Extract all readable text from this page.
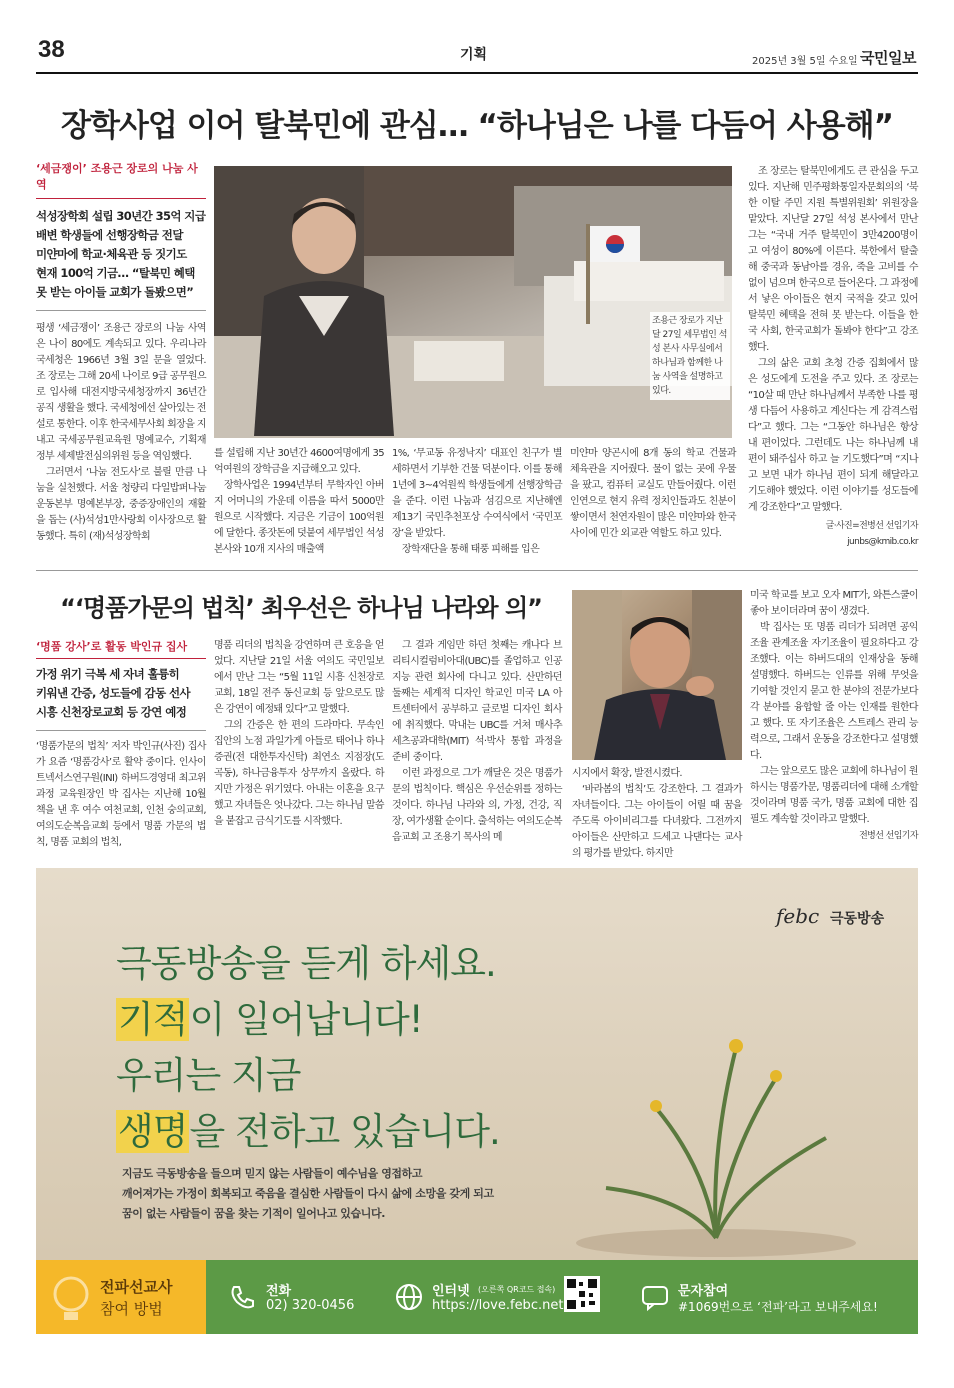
38	기획	2025년 3월 5일 수요일 국민일보
장학사업 이어 탈북민에 관심… “하나님은 나를 다듬어 사용해”
‘세금쟁이’ 조용근 장로의 나눔 사역
석성장학회 설립 30년간 35억 지급
배변 학생들에 선행장학금 전달
미얀마에 학교·체육관 등 짓기도
현재 100억 기금… “탈북민 혜택
못 받는 아이들 교회가 돌봤으면”

평생 ‘세금쟁이’ 조용근 장로의 나눔 사역은 나이 80에도 계속되고 있다. 우리나라 국세청은 1966년 3월 3일 문을 열었다. 조 장로는 그해 20세 나이로 9급 공무원으로 입사해 대전지방국세청장까지 36년간 공직 생활을 했다. 국세청에선 살아있는 전설로 통한다. 이후 한국세무사회 회장을 지내고 국세공무원교육원 명예교수, 기획재정부 세제발전심의위원 등을 역임했다.

그러면서 ‘나눔 전도사’로 불릴 만큼 나눔을 실천했다. 서울 청량리 다일밥퍼나눔운동본부 명예본부장, 중증장애인의 재활을 돕는 (사)석성1만사랑회 이사장으로 활동했다. 특히 (재)석성장학회

조용근 장로가 지난달 27일 세무법인 석성 본사 사무실에서 하나님과 함께한 나눔 사역을 설명하고 있다.

를 설립해 지난 30년간 4600여명에게 35억여원의 장학금을 지급해오고 있다.

장학사업은 1994년부터 무학자인 아버지 어머니의 가운데 이름을 따서 5000만원으로 시작했다. 지금은 기금이 100억원에 달한다. 종잣돈에 덧붙여 세무법인 석성 본사와 10개 지사의 매출액

1%, ‘무교동 유정낙지’ 대표인 친구가 별세하면서 기부한 건물 덕분이다. 이를 통해 1년에 3~4억원씩 학생들에게 선행장학금을 준다. 이런 나눔과 섬김으로 지난해엔 제13기 국민추천포상 수여식에서 ‘국민포장’을 받았다.

장학재단을 통해 태풍 피해를 입은

미얀마 양곤시에 8개 동의 학교 건물과 체육관을 지어줬다. 물이 없는 곳에 우물을 팠고, 컴퓨터 교실도 만들어줬다. 이런 인연으로 현지 유력 정치인들과도 친분이 쌓이면서 천연자원이 많은 미얀마와 한국 사이에 민간 외교관 역할도 하고 있다.

조 장로는 탈북민에게도 큰 관심을 두고 있다. 지난해 민주평화통일자문회의의 ‘북한 이탈 주민 지원 특별위원회’ 위원장을 맡았다. 지난달 27일 석성 본사에서 만난 그는 “국내 거주 탈북민이 3만4200명이고 여성이 80%에 이른다. 북한에서 탈출해 중국과 동남아를 경유, 죽을 고비를 수없이 넘으며 한국으로 들어온다. 그 과정에서 낳은 아이들은 현지 국적을 갖고 있어 탈북민 혜택을 전혀 못 받는다. 이들을 한국 사회, 한국교회가 돌봐야 한다”고 강조했다.

그의 삶은 교회 초청 간증 집회에서 많은 성도에게 도전을 주고 있다. 조 장로는 “10살 때 만난 하나님께서 부족한 나를 평생 다듬어 사용하고 계신다는 게 감격스럽다”고 했다. 그는 “그동안 하나님은 항상 내 편이었다. 그런데도 나는 하나님께 내 편이 돼주십사 하고 늘 기도했다”며 “지나고 보면 내가 하나님 편이 되게 해달라고 기도해야 했었다. 이런 이야기를 성도들에게 강조한다”고 말했다.

글·사진=전병선 선임기자
junbs@kmib.co.kr
“‘명품가문의 법칙’ 최우선은 하나님 나라와 의”
‘명품 강사’로 활동 박인규 집사
가정 위기 극복 세 자녀 훌륭히
키워낸 간증, 성도들에 감동 선사
시흥 신천장로교회 등 강연 예정

‘명품가문의 법칙’ 저자 박인규(사진) 집사가 요즘 ‘명품강사’로 활약 중이다. 인사이트넥서스연구원(INI) 하버드경영대 최고위 과정 교육원장인 박 집사는 지난해 10월 책을 낸 후 여수 여천교회, 인천 숭의교회, 여의도순복음교회 등에서 명품 가문의 법칙, 명품 교회의 법칙,

명품 리더의 법칙을 강연하며 큰 호응을 얻었다. 지난달 21일 서울 여의도 국민일보에서 만난 그는 “5월 11일 시흥 신천장로교회, 18일 전주 동신교회 등 앞으로도 많은 강연이 예정돼 있다”고 말했다.

그의 간증은 한 편의 드라마다. 무속인 집안의 노점 과일가게 아들로 태어나 하나증권(전 대한투자신탁) 최연소 지점장(도곡동), 하나금융투자 상무까지 올랐다. 하지만 가정은 위기였다. 아내는 이혼을 요구했고 자녀들은 엇나갔다. 그는 하나님 말씀을 붙잡고 금식기도를 시작했다.

그 결과 게임만 하던 첫째는 캐나다 브리티시컬럼비아대(UBC)를 졸업하고 인공지능 관련 회사에 다니고 있다. 산만하던 둘째는 세계적 디자인 학교인 미국 LA 아트센터에서 공부하고 글로벌 디자인 회사에 취직했다. 막내는 UBC를 거쳐 매사추세츠공과대학(MIT) 석·박사 통합 과정을 준비 중이다.

이런 과정으로 그가 깨달은 것은 명품가문의 법칙이다. 핵심은 우선순위를 정하는 것이다. 하나님 나라와 의, 가정, 건강, 직장, 여가생활 순이다. 출석하는 여의도순복음교회 고 조용기 목사의 메

시지에서 확장, 발전시켰다.

‘바라봄의 법칙’도 강조한다. 그 결과가 자녀들이다. 그는 아이들이 어릴 때 꿈을 주도록 아이비리그를 다녀왔다. 그전까지 아이들은 산만하고 드세고 나댄다는 교사의 평가를 받았다. 하지만

미국 학교를 보고 오자 MIT가, 와튼스쿨이 좋아 보이더라며 꿈이 생겼다.

박 집사는 또 명품 리더가 되려면 공익조율 관계조율 자기조율이 필요하다고 강조했다. 이는 하버드대의 인재상을 동해 설명했다. 하버드는 인류를 위해 무엇을 기여할 것인지 묻고 한 분야의 전문가보다 각 분야를 융합할 줄 아는 인재를 원한다고 했다. 또 자기조율은 스트레스 관리 능력으로, 그래서 운동을 강조한다고 설명했다.

그는 앞으로도 많은 교회에 하나님이 원하시는 명품가문, 명품리더에 대해 소개할 것이라며 명품 국가, 명품 교회에 대한 집필도 계속할 것이라고 말했다.

전병선 선임기자
febc 극동방송
극동방송을 듣게 하세요.
기적이 일어납니다!
우리는 지금
생명을 전하고 있습니다.
지금도 극동방송을 들으며 믿지 않는 사람들이 예수님을 영접하고
깨어져가는 가정이 회복되고 죽음을 결심한 사람들이 다시 삶에 소망을 갖게 되고
꿈이 없는 사람들이 꿈을 찾는 기적이 일어나고 있습니다.
전파선교사
참여 방법
전화
02) 320-0456
인터넷 (오른쪽 QR코드 접속)
https://love.febc.net
문자참여
#1069번으로 ‘전파’라고 보내주세요!
